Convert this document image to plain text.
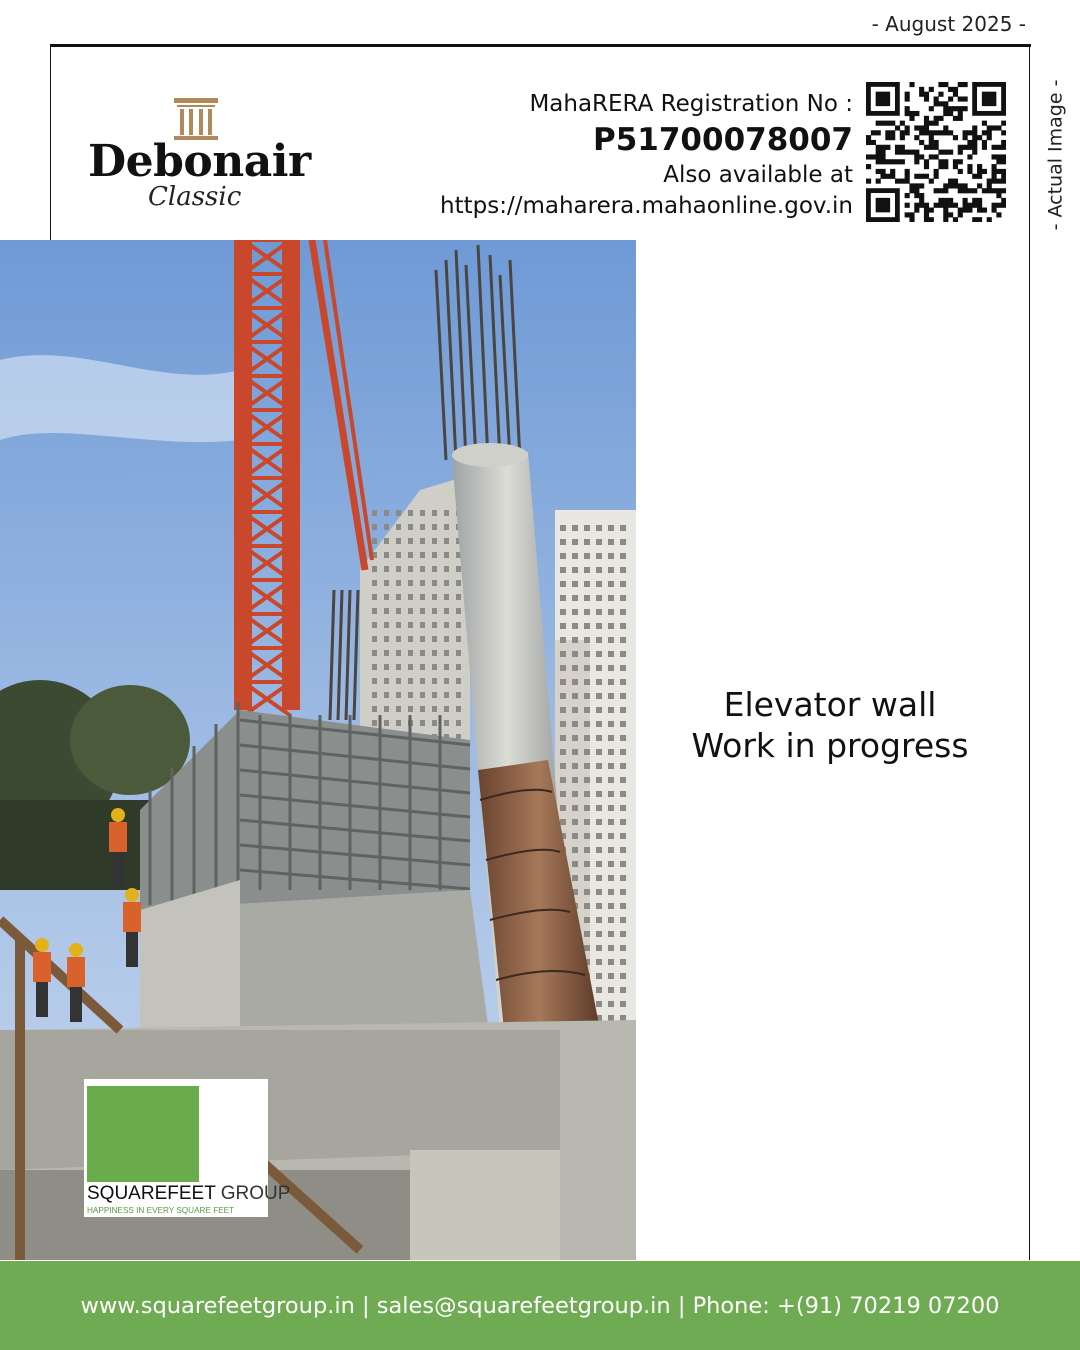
- August 2025 -
- Actual Image -
Debonair
Classic
MahaRERA Registration No :
P51700078007
Also available at
https://maharera.mahaonline.gov.in
Elevator wall
Work in progress
SQUAREFEET GROUP
HAPPINESS IN EVERY SQUARE FEET
www.squarefeetgroup.in | sales@squarefeetgroup.in | Phone: +(91) 70219 07200
